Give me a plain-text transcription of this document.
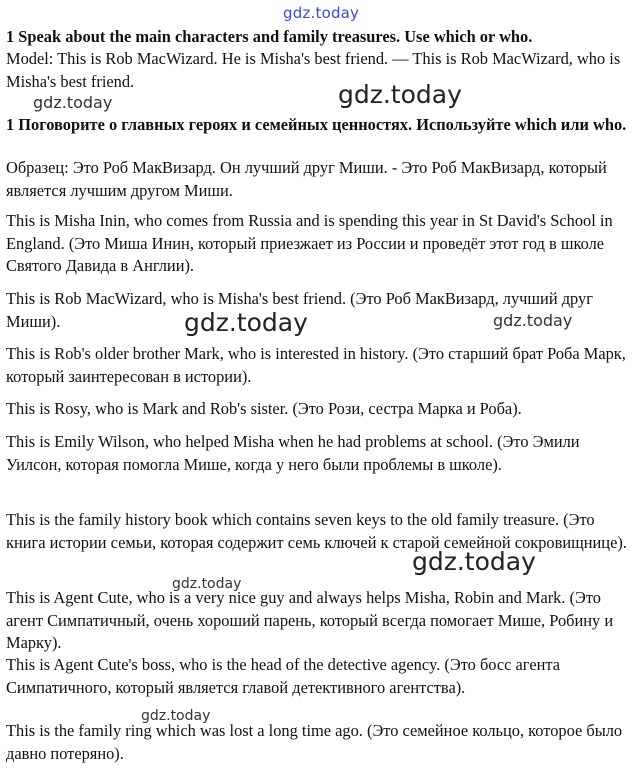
gdz.today
gdz.today	gdz.today
gdz.today	gdz.today
gdz.today
gdz.today
gdz.today

1 Speak about the main characters and family treasures. Use which or who.

Model: This is Rob MacWizard. He is Misha's best friend. — This is Rob MacWizard, who is Misha's best friend.

1 Поговорите о главных героях и семейных ценностях. Используйте which или who.

Образец: Это Роб МакВизард. Он лучший друг Миши. - Это Роб МакВизард, который является лучшим другом Миши.

This is Misha Inin, who comes from Russia and is spending this year in St David's School in England. (Это Миша Инин, который приезжает из России и проведёт этот год в школе Святого Давида в Англии).

This is Rob MacWizard, who is Misha's best friend. (Это Роб МакВизард, лучший друг Миши).

This is Rob's older brother Mark, who is interested in history. (Это старший брат Роба Марк, который заинтересован в истории).

This is Rosy, who is Mark and Rob's sister. (Это Рози, сестра Марка и Роба).

This is Emily Wilson, who helped Misha when he had problems at school. (Это Эмили Уилсон, которая помогла Мише, когда у него были проблемы в школе).

This is the family history book which contains seven keys to the old family treasure. (Это книга истории семьи, которая содержит семь ключей к старой семейной сокровищнице).

This is Agent Cute, who is a very nice guy and always helps Misha, Robin and Mark. (Это агент Симпатичный, очень хороший парень, который всегда помогает Мише, Робину и Марку).

This is Agent Cute's boss, who is the head of the detective agency. (Это босс агента Симпатичного, который является главой детективного агентства).

This is the family ring which was lost a long time ago. (Это семейное кольцо, которое было давно потеряно).
